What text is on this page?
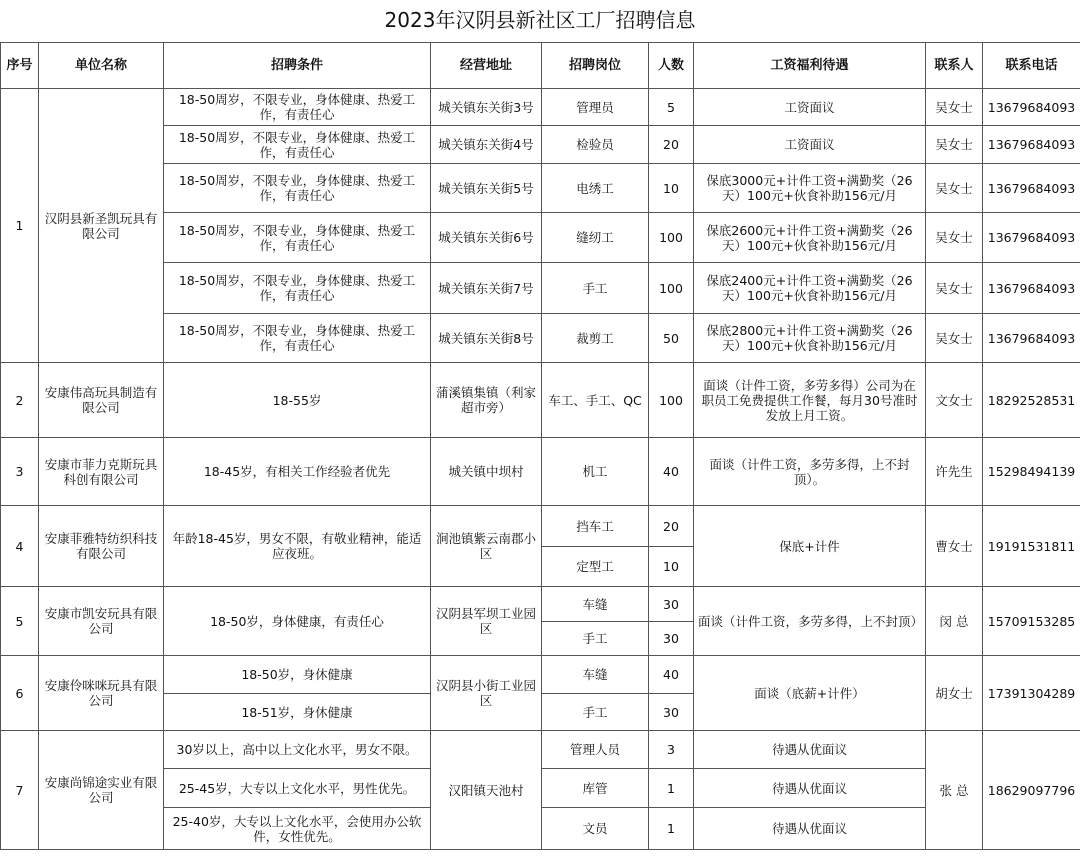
2023年汉阴县新社区工厂招聘信息
序号	单位名称	招聘条件	经营地址	招聘岗位	人数	工资福利待遇	联系人	联系电话
1	汉阴县新圣凯玩具有限公司	18-50周岁，不限专业，身体健康、热爱工作，有责任心	城关镇东关街3号	管理员	5	工资面议	吴女士	13679684093
		18-50周岁，不限专业，身体健康、热爱工作，有责任心	城关镇东关街4号	检验员	20	工资面议	吴女士	13679684093
		18-50周岁，不限专业，身体健康、热爱工作，有责任心	城关镇东关街5号	电绣工	10	保底3000元+计件工资+满勤奖（26天）100元+伙食补助156元/月	吴女士	13679684093
		18-50周岁，不限专业，身体健康、热爱工作，有责任心	城关镇东关街6号	缝纫工	100	保底2600元+计件工资+满勤奖（26天）100元+伙食补助156元/月	吴女士	13679684093
		18-50周岁，不限专业，身体健康、热爱工作，有责任心	城关镇东关街7号	手工	100	保底2400元+计件工资+满勤奖（26天）100元+伙食补助156元/月	吴女士	13679684093
		18-50周岁，不限专业，身体健康、热爱工作，有责任心	城关镇东关街8号	裁剪工	50	保底2800元+计件工资+满勤奖（26天）100元+伙食补助156元/月	吴女士	13679684093
2	安康伟高玩具制造有限公司	18-55岁	蒲溪镇集镇（利家超市旁）	车工、手工、QC	100	面谈（计件工资，多劳多得）公司为在职员工免费提供工作餐，每月30号准时发放上月工资。	文女士	18292528531
3	安康市菲力克斯玩具科创有限公司	18-45岁，有相关工作经验者优先	城关镇中坝村	机工	40	面谈（计件工资，多劳多得，上不封顶）。	许先生	15298494139
4	安康菲雅特纺织科技有限公司	年龄18-45岁，男女不限，有敬业精神，能适应夜班。	涧池镇紫云南郡小区	挡车工	20	保底+计件	曹女士	19191531811
				定型工	10			
5	安康市凯安玩具有限公司	18-50岁，身体健康，有责任心	汉阴县军坝工业园区	车缝	30	面谈（计件工资，多劳多得，上不封顶）	闵 总	15709153285
				手工	30			
6	安康伶咪咪玩具有限公司	18-50岁，身休健康	汉阴县小街工业园区	车缝	40	面谈（底薪+计件）	胡女士	17391304289
		18-51岁，身休健康		手工	30			
7	安康尚锦途实业有限公司	30岁以上，高中以上文化水平，男女不限。	汉阳镇天池村	管理人员	3	待遇从优面议	张 总	18629097796
		25-45岁，大专以上文化水平，男性优先。		库管	1	待遇从优面议		
		25-40岁，大专以上文化水平，会使用办公软件，女性优先。		文员	1	待遇从优面议		
